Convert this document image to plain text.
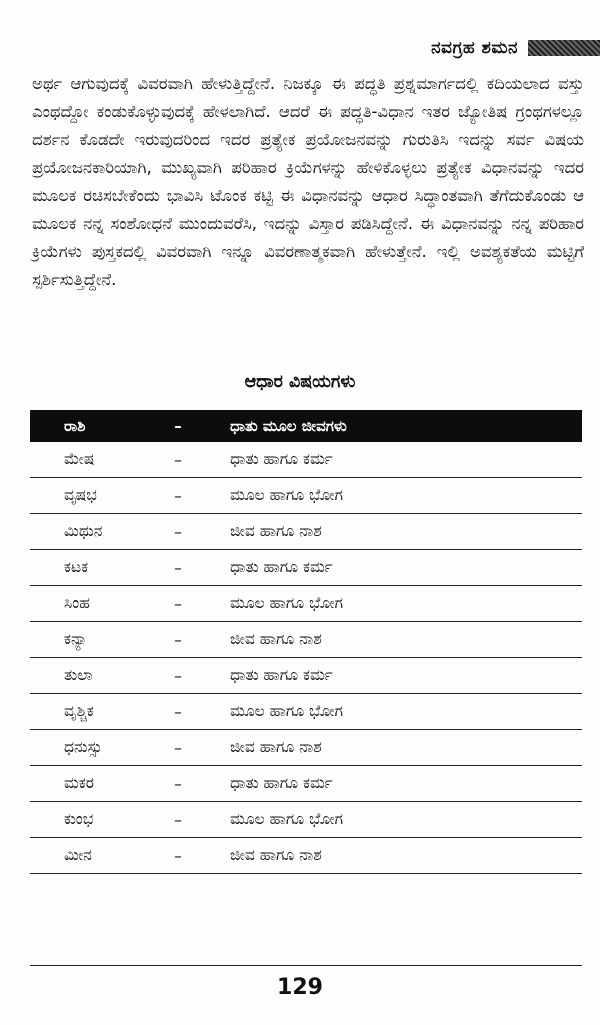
ನವಗ್ರಹ ಶಮನ

ಅರ್ಥ ಆಗುವುದಕ್ಕೆ ವಿವರವಾಗಿ ಹೇಳುತ್ತಿದ್ದೇನೆ. ನಿಜಕ್ಕೂ ಈ ಪದ್ಧತಿ ಪ್ರಶ್ನಮಾರ್ಗದಲ್ಲಿ ಕದಿಯಲಾದ ವಸ್ತು ಎಂಥದ್ದೋ ಕಂಡುಕೊಳ್ಳುವುದಕ್ಕೆ ಹೇಳಲಾಗಿದೆ. ಆದರೆ ಈ ಪದ್ಧತಿ-ವಿಧಾನ ಇತರ ಜ್ಯೋತಿಷ ಗ್ರಂಥಗಳಲ್ಲೂ ದರ್ಶನ ಕೊಡದೇ ಇರುವುದರಿಂದ ಇದರ ಪ್ರತ್ಯೇಕ ಪ್ರಯೋಜನವನ್ನು ಗುರುತಿಸಿ ಇದನ್ನು ಸರ್ವ ವಿಷಯ ಪ್ರಯೋಜನಕಾರಿಯಾಗಿ, ಮುಖ್ಯವಾಗಿ ಪರಿಹಾರ ಕ್ರಿಯೆಗಳನ್ನು ಹೇಳಿಕೊಳ್ಳಲು ಪ್ರತ್ಯೇಕ ವಿಧಾನವನ್ನು ಇದರ ಮೂಲಕ ರಚಿಸಬೇಕೆಂದು ಭಾವಿಸಿ ಟೊಂಕ ಕಟ್ಟಿ ಈ ವಿಧಾನವನ್ನು ಆಧಾರ ಸಿದ್ಧಾಂತವಾಗಿ ತೆಗೆದುಕೊಂಡು ಆ ಮೂಲಕ ನನ್ನ ಸಂಶೋಧನೆ ಮುಂದುವರೆಸಿ, ಇದನ್ನು ವಿಸ್ತಾರ ಪಡಿಸಿದ್ದೇನೆ. ಈ ವಿಧಾನವನ್ನು ನನ್ನ ಪರಿಹಾರ ಕ್ರಿಯೆಗಳು ಪುಸ್ತಕದಲ್ಲಿ ವಿವರವಾಗಿ ಇನ್ನೂ ವಿವರಣಾತ್ಮಕವಾಗಿ ಹೇಳುತ್ತೇನೆ. ಇಲ್ಲಿ ಅವಶ್ಯಕತೆಯ ಮಟ್ಟಿಗೆ ಸ್ಪರ್ಶಿಸುತ್ತಿದ್ದೇನೆ.

ಆಧಾರ ವಿಷಯಗಳು
ರಾಶಿ	–	ಧಾತು ಮೂಲ ಜೀವಗಳು
ಮೇಷ	–	ಧಾತು ಹಾಗೂ ಕರ್ಮ
ವೃಷಭ	–	ಮೂಲ ಹಾಗೂ ಭೋಗ
ಮಿಥುನ	–	ಜೀವ ಹಾಗೂ ನಾಶ
ಕಟಕ	–	ಧಾತು ಹಾಗೂ ಕರ್ಮ
ಸಿಂಹ	–	ಮೂಲ ಹಾಗೂ ಭೋಗ
ಕನ್ಯಾ	–	ಜೀವ ಹಾಗೂ ನಾಶ
ತುಲಾ	–	ಧಾತು ಹಾಗೂ ಕರ್ಮ
ವೃಶ್ಚಿಕ	–	ಮೂಲ ಹಾಗೂ ಭೋಗ
ಧನುಸ್ಸು	–	ಜೀವ ಹಾಗೂ ನಾಶ
ಮಕರ	–	ಧಾತು ಹಾಗೂ ಕರ್ಮ
ಕುಂಭ	–	ಮೂಲ ಹಾಗೂ ಭೋಗ
ಮೀನ	–	ಜೀವ ಹಾಗೂ ನಾಶ
129
